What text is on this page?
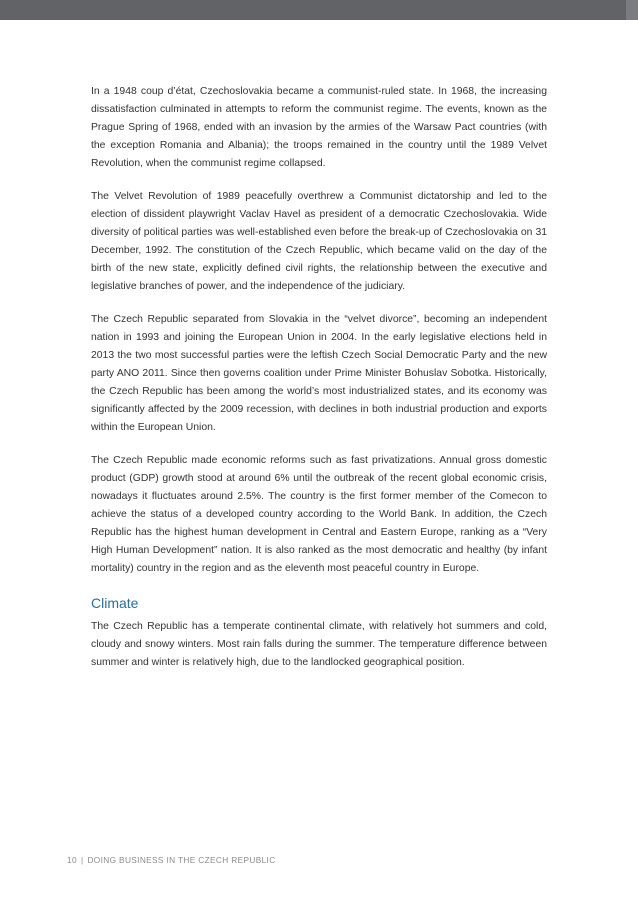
In a 1948 coup d’état, Czechoslovakia became a communist-ruled state. In 1968, the increasing dissatisfaction culminated in attempts to reform the communist regime. The events, known as the Prague Spring of 1968, ended with an invasion by the armies of the Warsaw Pact countries (with the exception Romania and Albania); the troops remained in the country until the 1989 Velvet Revolution, when the communist regime collapsed.

The Velvet Revolution of 1989 peacefully overthrew a Communist dictatorship and led to the election of dissident playwright Vaclav Havel as president of a democratic Czechoslovakia. Wide diversity of political parties was well-established even before the break-up of Czechoslovakia on 31 December, 1992. The constitution of the Czech Republic, which became valid on the day of the birth of the new state, explicitly defined civil rights, the relationship between the executive and legislative branches of power, and the independence of the judiciary.

The Czech Republic separated from Slovakia in the “velvet divorce”, becoming an independent nation in 1993 and joining the European Union in 2004. In the early legislative elections held in 2013 the two most successful parties were the leftish Czech Social Democratic Party and the new party ANO 2011. Since then governs coalition under Prime Minister Bohuslav Sobotka. Historically, the Czech Republic has been among the world’s most industrialized states, and its economy was significantly affected by the 2009 recession, with declines in both industrial production and exports within the European Union.

The Czech Republic made economic reforms such as fast privatizations. Annual gross domestic product (GDP) growth stood at around 6% until the outbreak of the recent global economic crisis, nowadays it fluctuates around 2.5%. The country is the first former member of the Comecon to achieve the status of a developed country according to the World Bank. In addition, the Czech Republic has the highest human development in Central and Eastern Europe, ranking as a “Very High Human Development” nation. It is also ranked as the most democratic and healthy (by infant mortality) country in the region and as the eleventh most peaceful country in Europe.

Climate

The Czech Republic has a temperate continental climate, with relatively hot summers and cold, cloudy and snowy winters. Most rain falls during the summer. The temperature difference between summer and winter is relatively high, due to the landlocked geographical position.

10 | DOING BUSINESS IN THE CZECH REPUBLIC
